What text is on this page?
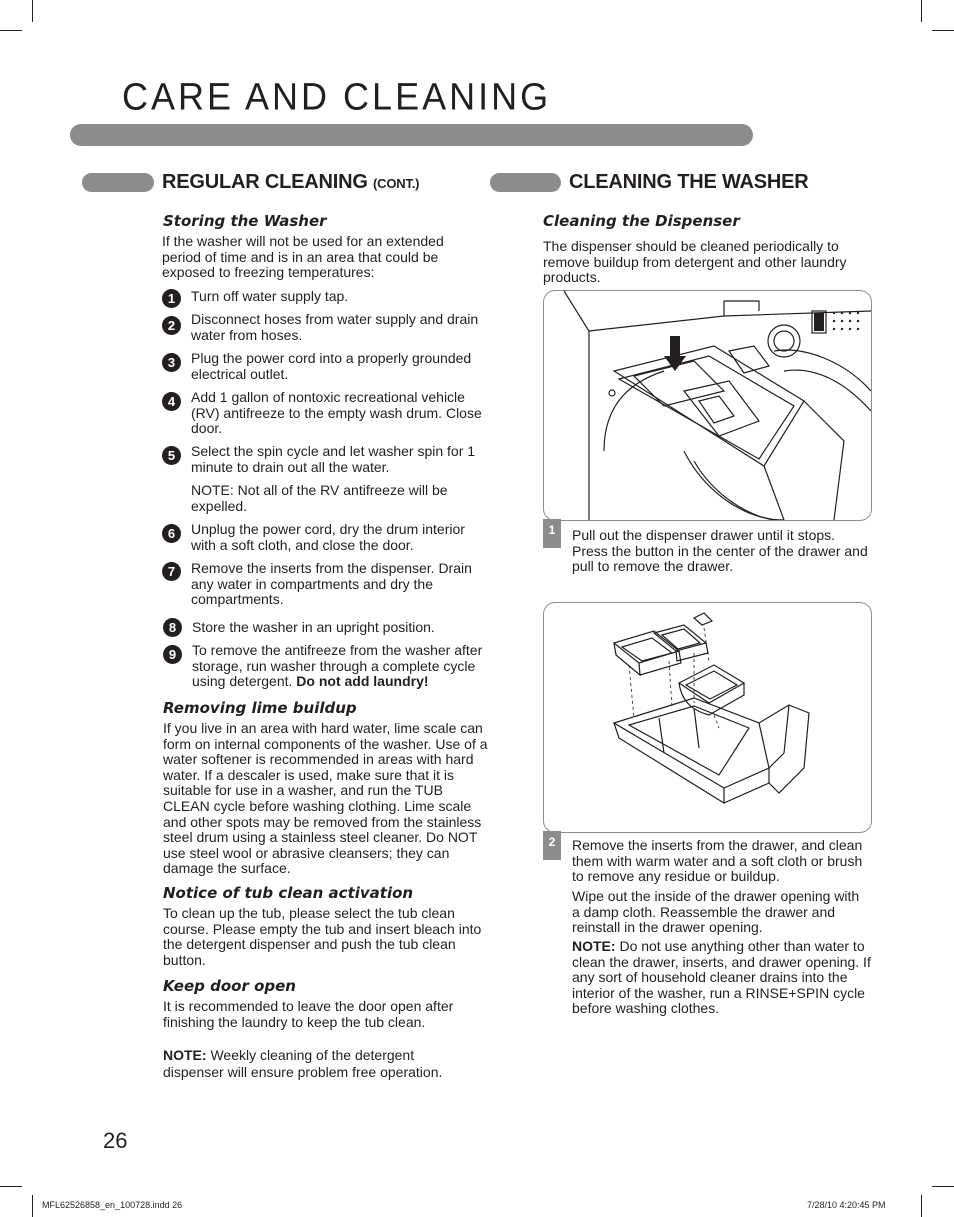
CARE AND CLEANING
REGULAR CLEANING (CONT.)
Storing the Washer
If the washer will not be used for an extended period of time and is in an area that could be exposed to freezing temperatures:
1	Turn off water supply tap.
2	Disconnect hoses from water supply and drain water from hoses.
3	Plug the power cord into a properly grounded electrical outlet.
4	Add 1 gallon of nontoxic recreational vehicle (RV) antifreeze to the empty wash drum. Close door.
5	Select the spin cycle and let washer spin for 1 minute to drain out all the water.
NOTE: Not all of the RV antifreeze will be expelled.
6	Unplug the power cord, dry the drum interior with a soft cloth, and close the door.
7	Remove the inserts from the dispenser. Drain any water in compartments and dry the compartments.
8	Store the washer in an upright position.
9	To remove the antifreeze from the washer after storage, run washer through a complete cycle using detergent. Do not add laundry!
Removing lime buildup
If you live in an area with hard water, lime scale can form on internal components of the washer. Use of a water softener is recommended in areas with hard water. If a descaler is used, make sure that it is suitable for use in a washer, and run the TUB CLEAN cycle before washing clothing. Lime scale and other spots may be removed from the stainless steel drum using a stainless steel cleaner. Do NOT use steel wool or abrasive cleansers; they can damage the surface.
Notice of tub clean activation
To clean up the tub, please select the tub clean course. Please empty the tub and insert bleach into the detergent dispenser and push the tub clean button.
Keep door open
It is recommended to leave the door open after finishing the laundry to keep the tub clean.
NOTE: Weekly cleaning of the detergent dispenser will ensure problem free operation.
CLEANING THE WASHER
Cleaning the Dispenser
The dispenser should be cleaned periodically to remove buildup from detergent and other laundry products.
1	Pull out the dispenser drawer until it stops. Press the button in the center of the drawer and pull to remove the drawer.
2	Remove the inserts from the drawer, and clean them with warm water and a soft cloth or brush to remove any residue or buildup.
Wipe out the inside of the drawer opening with a damp cloth. Reassemble the drawer and reinstall in the drawer opening.
NOTE: Do not use anything other than water to clean the drawer, inserts, and drawer opening. If any sort of household cleaner drains into the interior of the washer, run a RINSE+SPIN cycle before washing clothes.
26
MFL62526858_en_100728.indd 26	7/28/10 4:20:45 PM
